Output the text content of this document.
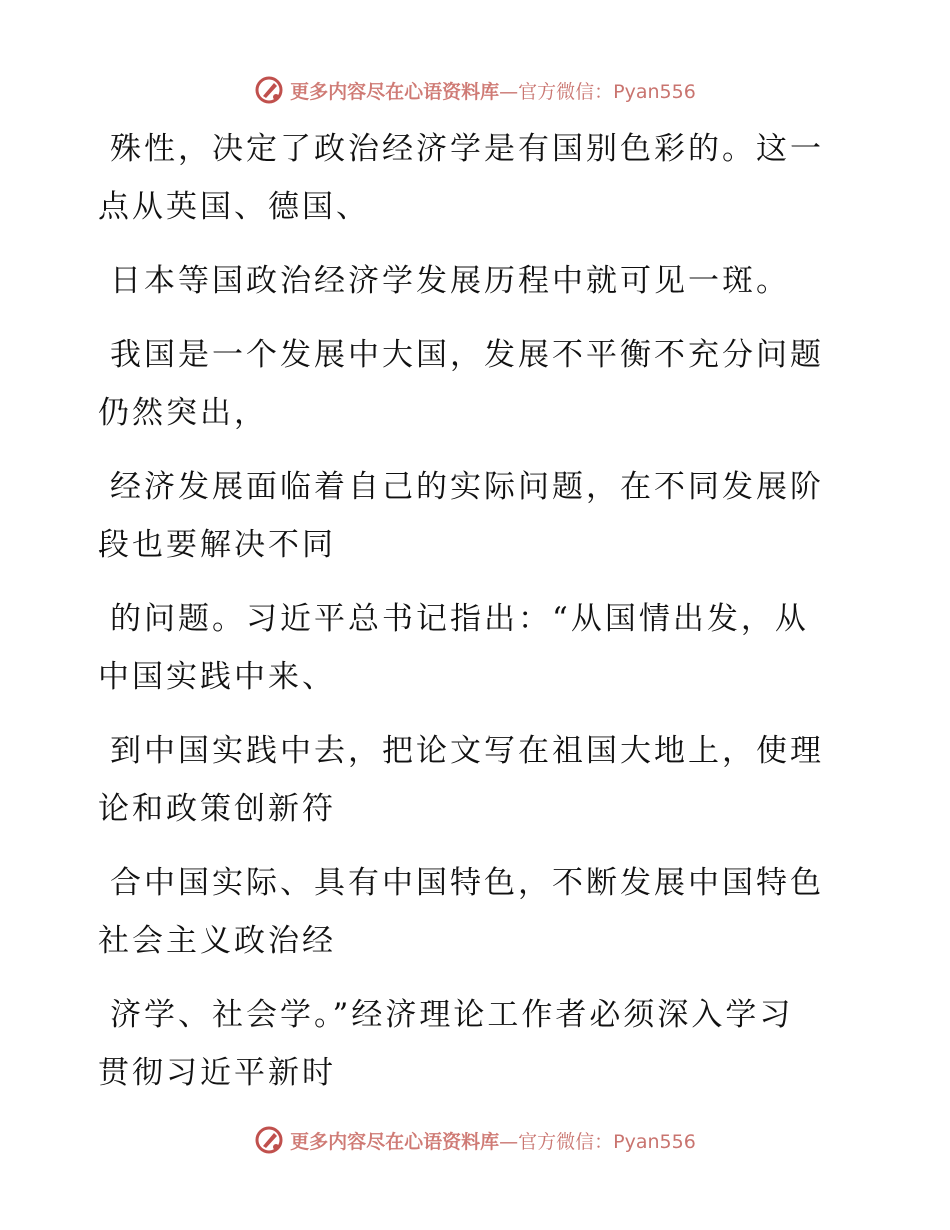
更多内容尽在心语资料库—官方微信：Pyan556

殊性，决定了政治经济学是有国别色彩的。这一
点从英国、德国、

日本等国政治经济学发展历程中就可见一斑。

我国是一个发展中大国，发展不平衡不充分问题
仍然突出，

经济发展面临着自己的实际问题，在不同发展阶
段也要解决不同

的问题。习近平总书记指出：“从国情出发，从
中国实践中来、

到中国实践中去，把论文写在祖国大地上，使理
论和政策创新符

合中国实际、具有中国特色，不断发展中国特色
社会主义政治经

济学、社会学。”经济理论工作者必须深入学习
贯彻习近平新时

更多内容尽在心语资料库—官方微信：Pyan556
